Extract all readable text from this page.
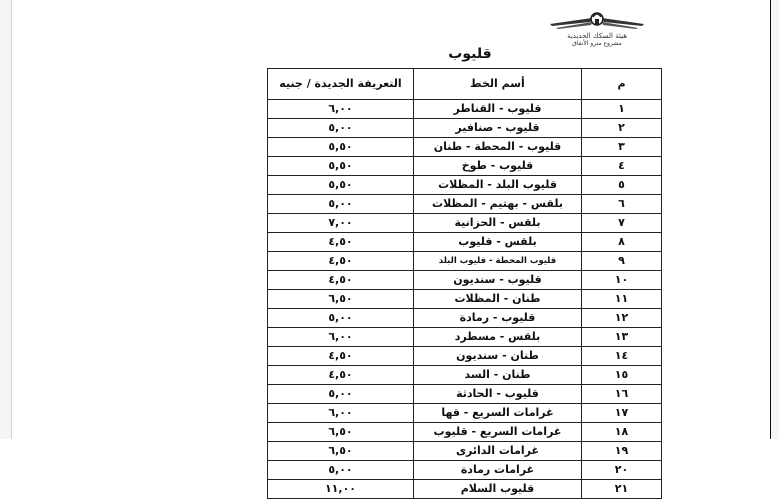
هيئة السكك الحديدية
مشروع مترو الأنفاق
قليوب
التعريفة الجديدة / جنيه	أسم الخط	م
٦,٠٠	قليوب - القناطر	١
٥,٠٠	قليوب - صنافير	٢
٥,٥٠	قليوب - المحطة - طنان	٣
٥,٥٠	قليوب - طوخ	٤
٥,٥٠	قليوب البلد - المظلات	٥
٥,٠٠	بلقس - بهتيم - المظلات	٦
٧,٠٠	بلقس - الحزانية	٧
٤,٥٠	بلقس - قليوب	٨
٤,٥٠	قليوب المحطة - قليوب البلد	٩
٤,٥٠	قليوب - سنديون	١٠
٦,٥٠	طنان - المظلات	١١
٥,٠٠	قليوب - رمادة	١٢
٦,٠٠	بلقس - مسطرد	١٣
٤,٥٠	طنان - سنديون	١٤
٤,٥٠	طنان - السد	١٥
٥,٠٠	قليوب - الحادثة	١٦
٦,٠٠	غرامات السريع - قها	١٧
٦,٥٠	غرامات السريع - قليوب	١٨
٦,٥٠	غرامات الدائرى	١٩
٥,٠٠	غرامات رمادة	٢٠
١١,٠٠	قليوب السلام	٢١
